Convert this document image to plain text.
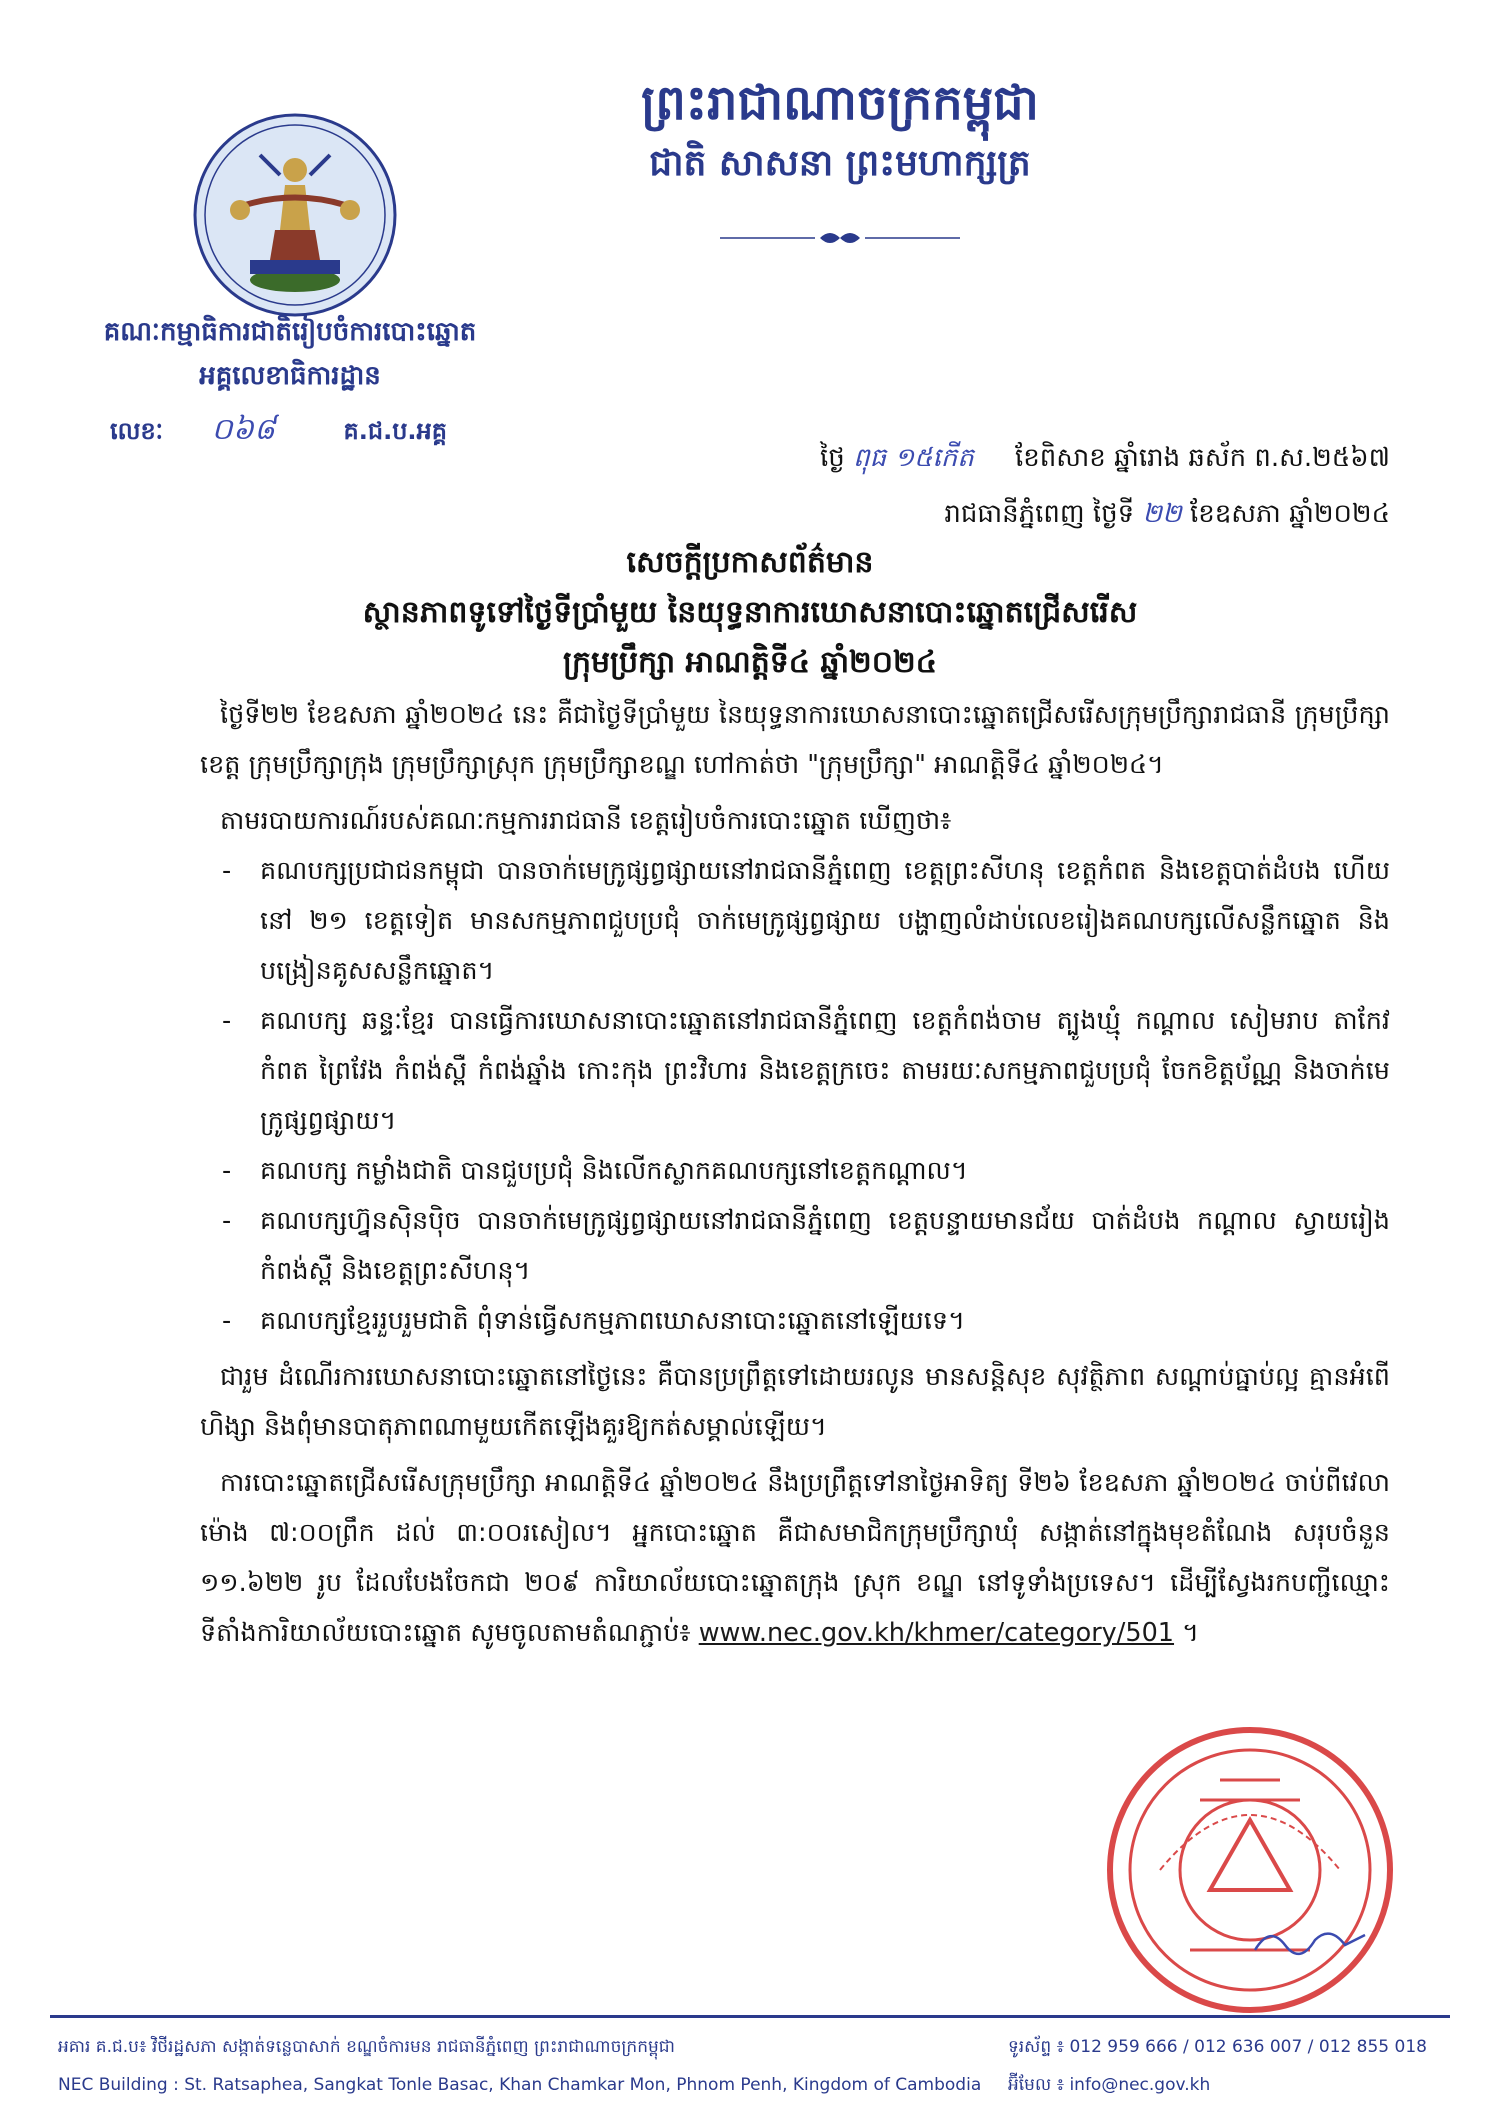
គណៈកម្មាធិការជាតិរៀបចំការបោះឆ្នោត
អគ្គលេខាធិការដ្ឋាន
លេខៈ ០៦៨	គ.ជ.ប.អគ្គ
ព្រះរាជាណាចក្រកម្ពុជា
ជាតិ សាសនា ព្រះមហាក្សត្រ
ថ្ងៃ ពុធ ១៥កើត ខែពិសាខ ឆ្នាំរោង ឆស័ក ព.ស.២៥៦៧
រាជធានីភ្នំពេញ ថ្ងៃទី ២២ ខែឧសភា ឆ្នាំ២០២៤
សេចក្តីប្រកាសព័ត៌មាន
ស្ថានភាពទូទៅថ្ងៃទីប្រាំមួយ នៃយុទ្ធនាការឃោសនាបោះឆ្នោតជ្រើសរើស
ក្រុមប្រឹក្សា អាណត្តិទី៤ ឆ្នាំ២០២៤

ថ្ងៃទី២២ ខែឧសភា ឆ្នាំ២០២៤ នេះ គឺជាថ្ងៃទីប្រាំមួយ នៃយុទ្ធនាការឃោសនាបោះឆ្នោតជ្រើសរើសក្រុមប្រឹក្សារាជធានី ក្រុមប្រឹក្សាខេត្ត ក្រុមប្រឹក្សាក្រុង ក្រុមប្រឹក្សាស្រុក ក្រុមប្រឹក្សាខណ្ឌ ហៅកាត់ថា "ក្រុមប្រឹក្សា" អាណត្តិទី៤ ឆ្នាំ២០២៤។

តាមរបាយការណ៍របស់គណៈកម្មការរាជធានី ខេត្តរៀបចំការបោះឆ្នោត ឃើញថា៖

- គណបក្សប្រជាជនកម្ពុជា បានចាក់មេក្រូផ្សព្វផ្សាយនៅរាជធានីភ្នំពេញ ខេត្តព្រះសីហនុ ខេត្តកំពត និងខេត្តបាត់ដំបង ហើយនៅ ២១ ខេត្តទៀត មានសកម្មភាពជួបប្រជុំ ចាក់មេក្រូផ្សព្វផ្សាយ បង្ហាញលំដាប់លេខរៀងគណបក្សលើសន្លឹកឆ្នោត និងបង្រៀនគូសសន្លឹកឆ្នោត។
- គណបក្ស ឆន្ទៈខ្មែរ បានធ្វើការឃោសនាបោះឆ្នោតនៅរាជធានីភ្នំពេញ ខេត្តកំពង់ចាម ត្បូងឃ្មុំ កណ្តាល សៀមរាប តាកែវ កំពត ព្រៃវែង កំពង់ស្ពឺ កំពង់ឆ្នាំង កោះកុង ព្រះវិហារ និងខេត្តក្រចេះ តាមរយៈសកម្មភាពជួបប្រជុំ ចែកខិត្តប័ណ្ណ និងចាក់មេក្រូផ្សព្វផ្សាយ។
- គណបក្ស កម្លាំងជាតិ បានជួបប្រជុំ និងលើកស្លាកគណបក្សនៅខេត្តកណ្តាល។
- គណបក្សហ្វ៊ុនស៊ិនប៉ិច បានចាក់មេក្រូផ្សព្វផ្សាយនៅរាជធានីភ្នំពេញ ខេត្តបន្ទាយមានជ័យ បាត់ដំបង កណ្តាល ស្វាយរៀង កំពង់ស្ពឺ និងខេត្តព្រះសីហនុ។
- គណបក្សខ្មែររួបរួមជាតិ ពុំទាន់ធ្វើសកម្មភាពឃោសនាបោះឆ្នោតនៅឡើយទេ។

ជារួម ដំណើរការឃោសនាបោះឆ្នោតនៅថ្ងៃនេះ គឺបានប្រព្រឹត្តទៅដោយរលូន មានសន្តិសុខ សុវត្ថិភាព សណ្តាប់ធ្នាប់ល្អ គ្មានអំពើហិង្សា និងពុំមានបាតុភាពណាមួយកើតឡើងគួរឱ្យកត់សម្គាល់ឡើយ។

ការបោះឆ្នោតជ្រើសរើសក្រុមប្រឹក្សា អាណត្តិទី៤ ឆ្នាំ២០២៤ នឹងប្រព្រឹត្តទៅនាថ្ងៃអាទិត្យ ទី២៦ ខែឧសភា ឆ្នាំ២០២៤ ចាប់ពីវេលាម៉ោង ៧:០០ព្រឹក ដល់ ៣:០០រសៀល។ អ្នកបោះឆ្នោត គឺជាសមាជិកក្រុមប្រឹក្សាឃុំ សង្កាត់នៅក្នុងមុខតំណែង សរុបចំនួន ១១.៦២២ រូប ដែលបែងចែកជា ២០៩ ការិយាល័យបោះឆ្នោតក្រុង ស្រុក ខណ្ឌ នៅទូទាំងប្រទេស។ ដើម្បីស្វែងរកបញ្ជីឈ្មោះទីតាំងការិយាល័យបោះឆ្នោត សូមចូលតាមតំណភ្ជាប់៖ www.nec.gov.kh/khmer/category/501 ។

អគារ គ.ជ.ប៖ វិថីរដ្ឋសភា សង្កាត់ទន្លេបាសាក់ ខណ្ឌចំការមន រាជធានីភ្នំពេញ ព្រះរាជាណាចក្រកម្ពុជា	ទូរស័ព្ទ ៖ 012 959 666 / 012 636 007 / 012 855 018
NEC Building : St. Ratsaphea, Sangkat Tonle Basac, Khan Chamkar Mon, Phnom Penh, Kingdom of Cambodia	អ៊ីមែល ៖ info@nec.gov.kh
